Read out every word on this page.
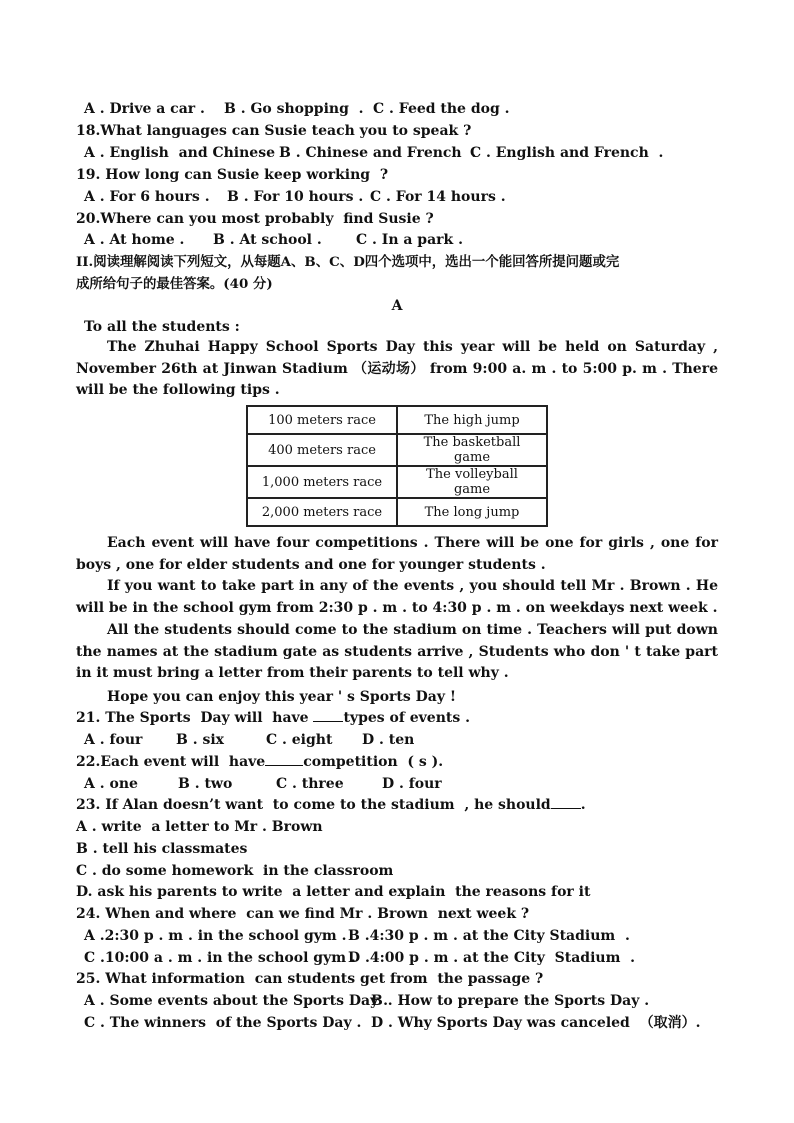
A . Drive a car . B . Go shopping  . C . Feed the dog .
18.What languages can Susie teach you to speak ?
A . English  and Chinese .
B . Chinese and French  .
C . English and French  .
19. How long can Susie keep working  ?
A . For 6 hours . B . For 10 hours . C . For 14 hours .
20.Where can you most probably  find Susie ?
A . At home . B . At school . C . In a park .
II.阅读理解阅读下列短文，从每题A、B、C、D四个选项中，选出一个能回答所提问题或完
成所给句子的最佳答案。(40 分)
A
To all the students :
The Zhuhai Happy School Sports Day this year will be held on Saturday , November 26th at Jinwan Stadium （运动场） from 9:00 a. m . to 5:00 p. m . There will be the following tips .
100 meters race	The high jump
400 meters race	The basketball game
1,000 meters race	The volleyball game
2,000 meters race	The long jump
Each event will have four competitions . There will be one for girls , one for boys , one for elder students and one for younger students .
If you want to take part in any of the events , you should tell Mr . Brown . He will be in the school gym from 2:30 p . m . to 4:30 p . m . on weekdays next week .
All the students should come to the stadium on time . Teachers will put down the names at the stadium gate as students arrive , Students who don ' t take part in it must bring a letter from their parents to tell why .
Hope you can enjoy this year ' s Sports Day !
21. The Sports  Day will  have types of events .
A . four B . six	C . eight D . ten
22.Each event will  have	competition  ( s ).
A . one	B . two	C . three	D . four
23. If Alan doesn’t want  to come to the stadium  , he should .
A . write  a letter to Mr . Brown
B . tell his classmates
C . do some homework  in the classroom
D. ask his parents to write  a letter and explain  the reasons for it
24. When and where  can we find Mr . Brown  next week ?
A .2:30 p . m . in the school gym . B .4:30 p . m . at the City Stadium  .
C .10:00 a . m . in the school gym .
D .4:00 p . m . at the City  Stadium  .
25. What information  can students get from  the passage ?
A . Some events about the Sports Day .
B . How to prepare the Sports Day .
C . The winners  of the Sports Day . D . Why Sports Day was canceled  （取消）.
